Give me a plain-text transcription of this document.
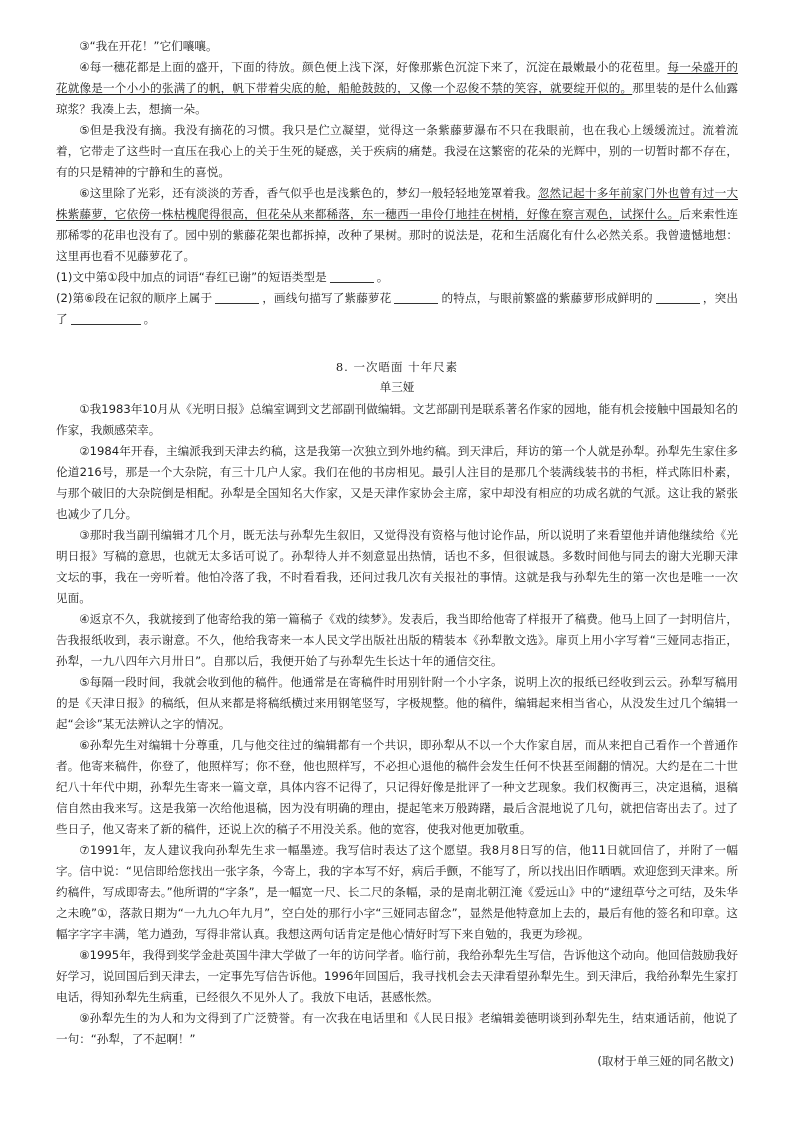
③“我在开花！”它们嚷嚷。

④每一穗花都是上面的盛开，下面的待放。颜色便上浅下深，好像那紫色沉淀下来了，沉淀在最嫩最小的花苞里。每一朵盛开的花就像是一个小小的张满了的帆，帆下带着尖底的舱，船舱鼓鼓的，又像一个忍俊不禁的笑容，就要绽开似的。那里装的是什么仙露琼浆？我凑上去，想摘一朵。

⑤但是我没有摘。我没有摘花的习惯。我只是伫立凝望，觉得这一条紫藤萝瀑布不只在我眼前，也在我心上缓缓流过。流着流着，它带走了这些时一直压在我心上的关于生死的疑惑，关于疾病的痛楚。我浸在这繁密的花朵的光辉中，别的一切暂时都不存在，有的只是精神的宁静和生的喜悦。

⑥这里除了光彩，还有淡淡的芳香，香气似乎也是浅紫色的，梦幻一般轻轻地笼罩着我。忽然记起十多年前家门外也曾有过一大株紫藤萝，它依傍一株枯槐爬得很高，但花朵从来都稀落，东一穗西一串伶仃地挂在树梢，好像在察言观色，试探什么。后来索性连那稀零的花串也没有了。园中别的紫藤花架也都拆掉，改种了果树。那时的说法是，花和生活腐化有什么必然关系。我曾遗憾地想：这里再也看不见藤萝花了。

(1)文中第①段中加点的词语“春红已谢”的短语类型是	。

(2)第⑥段在记叙的顺序上属于	，画线句描写了紫藤萝花	的特点，与眼前繁盛的紫藤萝形成鲜明的	，突出了	。

8. 一次晤面 十年尺素

单三娅

①我1983年10月从《光明日报》总编室调到文艺部副刊做编辑。文艺部副刊是联系著名作家的园地，能有机会接触中国最知名的作家，我颇感荣幸。

②1984年开春，主编派我到天津去约稿，这是我第一次独立到外地约稿。到天津后，拜访的第一个人就是孙犁。孙犁先生家住多伦道216号，那是一个大杂院，有三十几户人家。我们在他的书房相见。最引人注目的是那几个装满线装书的书柜，样式陈旧朴素，与那个破旧的大杂院倒是相配。孙犁是全国知名大作家，又是天津作家协会主席，家中却没有相应的功成名就的气派。这让我的紧张也减少了几分。

③那时我当副刊编辑才几个月，既无法与孙犁先生叙旧，又觉得没有资格与他讨论作品，所以说明了来看望他并请他继续给《光明日报》写稿的意思，也就无太多话可说了。孙犁待人并不刻意显出热情，话也不多，但很诚恳。多数时间他与同去的谢大光聊天津文坛的事，我在一旁听着。他怕冷落了我，不时看看我，还问过我几次有关报社的事情。这就是我与孙犁先生的第一次也是唯一一次见面。

④返京不久，我就接到了他寄给我的第一篇稿子《戏的续梦》。发表后，我当即给他寄了样报开了稿费。他马上回了一封明信片，告我报纸收到，表示谢意。不久，他给我寄来一本人民文学出版社出版的精装本《孙犁散文选》。扉页上用小字写着“三娅同志指正，孙犁，一九八四年六月卅日”。自那以后，我便开始了与孙犁先生长达十年的通信交往。

⑤每隔一段时间，我就会收到他的稿件。他通常是在寄稿件时用别针附一个小字条，说明上次的报纸已经收到云云。孙犁写稿用的是《天津日报》的稿纸，但从来都是将稿纸横过来用钢笔竖写，字极规整。他的稿件，编辑起来相当省心，从没发生过几个编辑一起“会诊”某无法辨认之字的情况。

⑥孙犁先生对编辑十分尊重，几与他交往过的编辑都有一个共识，即孙犁从不以一个大作家自居，而从来把自己看作一个普通作者。他寄来稿件，你登了，他照样写；你不登，他也照样写，不必担心退他的稿件会发生任何不快甚至闹翻的情况。大约是在二十世纪八十年代中期，孙犁先生寄来一篇文章，具体内容不记得了，只记得好像是批评了一种文艺现象。我们权衡再三，决定退稿，退稿信自然由我来写。这是我第一次给他退稿，因为没有明确的理由，提起笔来万般踌躇，最后含混地说了几句，就把信寄出去了。过了些日子，他又寄来了新的稿件，还说上次的稿子不用没关系。他的宽容，使我对他更加敬重。

⑦1991年，友人建议我向孙犁先生求一幅墨迹。我写信时表达了这个愿望。我8月8日写的信，他11日就回信了，并附了一幅字。信中说：“见信即给您找出一张字条，今寄上，我的字本写不好，病后手颤，不能写了，所以找出旧作晒晒。欢迎您到天津来。所约稿件，写成即寄去。”他所谓的“字条”，是一幅宽一尺、长二尺的条幅，录的是南北朝江淹《爱远山》中的“逮纽草兮之可结，及朱华之未晚”①，落款日期为“一九九○年九月”，空白处的那行小字“三娅同志留念”，显然是他特意加上去的，最后有他的签名和印章。这幅字字字丰满，笔力遒劲，写得非常认真。我想这两句话肯定是他心情好时写下来自勉的，我更为珍视。

⑧1995年，我得到奖学金赴英国牛津大学做了一年的访问学者。临行前，我给孙犁先生写信，告诉他这个动向。他回信鼓励我好好学习，说回国后到天津去，一定事先写信告诉他。1996年回国后，我寻找机会去天津看望孙犁先生。到天津后，我给孙犁先生家打电话，得知孙犁先生病重，已经很久不见外人了。我放下电话，甚感怅然。

⑨孙犁先生的为人和为文得到了广泛赞誉。有一次我在电话里和《人民日报》老编辑姜德明谈到孙犁先生，结束通话前，他说了一句：“孙犁，了不起啊！”

(取材于单三娅的同名散文)
